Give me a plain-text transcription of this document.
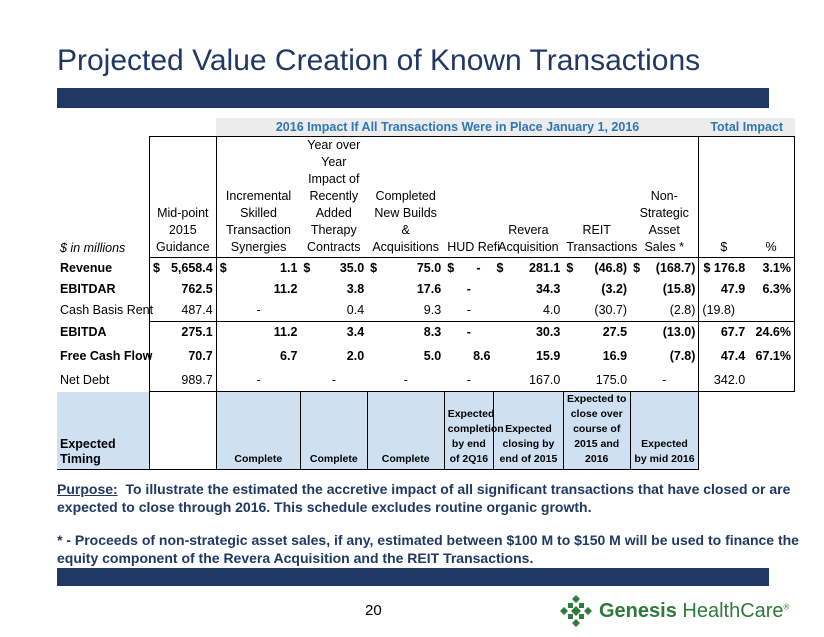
Projected Value Creation of Known Transactions
		2016 Impact If All Transactions Were in Place January 1, 2016							Total Impact	
$ in millions	Mid-point 2015 Guidance	Incremental Skilled Transaction Synergies	Year over Year Impact of Recently Added Therapy Contracts	Completed New Builds & Acquisitions	HUD Refi	Revera Acquisition	REIT Transactions	Non-Strategic Asset Sales *	$	%
Revenue	$ 5,658.4	$ 1.1	$ 35.0	$ 75.0	$ -	$ 281.1	$ (46.8)	$ (168.7)	$ 176.8	3.1%
EBITDAR	762.5	11.2	3.8	17.6	-	34.3	(3.2)	(15.8)	47.9	6.3%
Cash Basis Rent	487.4	-	0.4	9.3	-	4.0	(30.7)	(2.8)	(19.8)	
EBITDA	275.1	11.2	3.4	8.3	-	30.3	27.5	(13.0)	67.7	24.6%
Free Cash Flow	70.7	6.7	2.0	5.0	8.6	15.9	16.9	(7.8)	47.4	67.1%
Net Debt	989.7	-	-	-	-	167.0	175.0	-	342.0	
Expected Timing		Complete	Complete	Complete	Expected completion by end of 2Q16	Expected closing by end of 2015	Expected to close over course of 2015 and 2016	Expected by mid 2016		
Purpose: To illustrate the estimated the accretive impact of all significant transactions that have closed or are expected to close through 2016. This schedule excludes routine organic growth.
* - Proceeds of non-strategic asset sales, if any, estimated between $100 M to $150 M will be used to finance the equity component of the Revera Acquisition and the REIT Transactions.
20	Genesis HealthCare®
